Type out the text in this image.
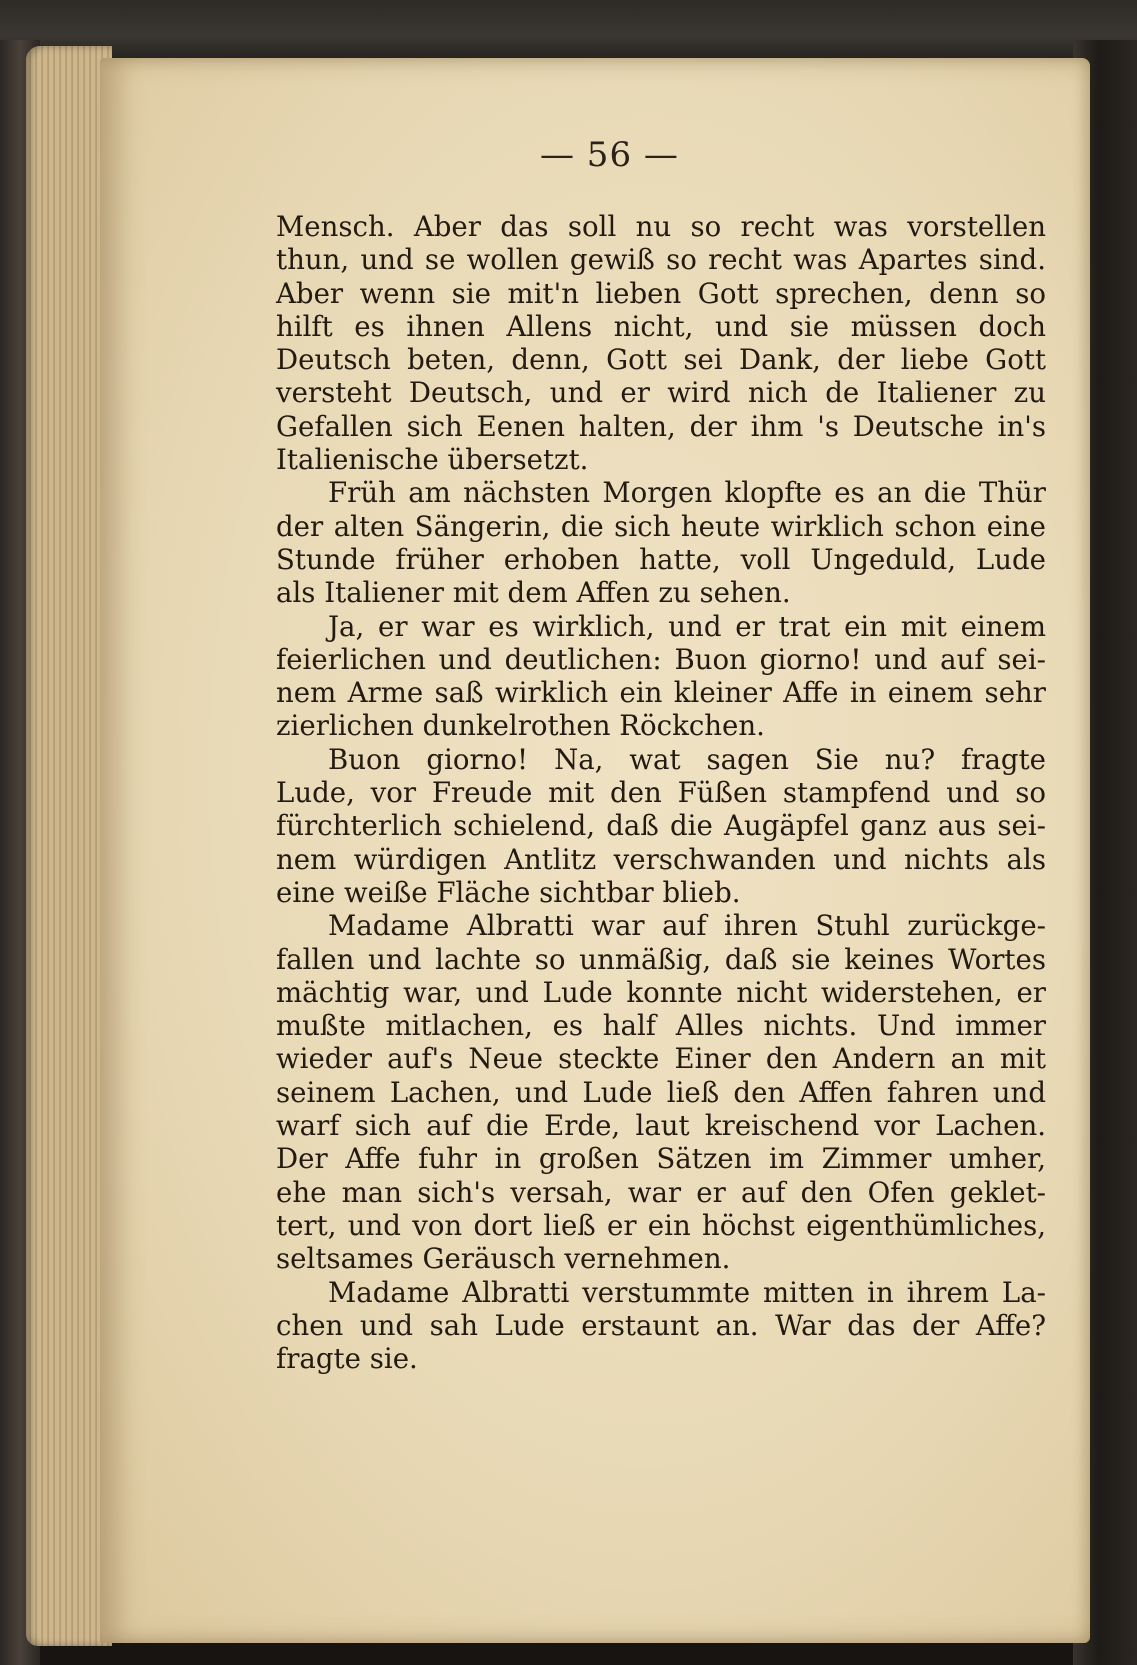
— 56 —
Mensch. Aber das soll nu so recht was vorstellen
thun, und se wollen gewiß so recht was Apartes sind.
Aber wenn sie mit'n lieben Gott sprechen, denn so
hilft es ihnen Allens nicht, und sie müssen doch
Deutsch beten, denn, Gott sei Dank, der liebe Gott
versteht Deutsch, und er wird nich de Italiener zu
Gefallen sich Eenen halten, der ihm 's Deutsche in's
Italienische übersetzt.
Früh am nächsten Morgen klopfte es an die Thür
der alten Sängerin, die sich heute wirklich schon eine
Stunde früher erhoben hatte, voll Ungeduld, Lude
als Italiener mit dem Affen zu sehen.
Ja, er war es wirklich, und er trat ein mit einem
feierlichen und deutlichen: Buon giorno! und auf sei-
nem Arme saß wirklich ein kleiner Affe in einem sehr
zierlichen dunkelrothen Röckchen.
Buon giorno! Na, wat sagen Sie nu? fragte
Lude, vor Freude mit den Füßen stampfend und so
fürchterlich schielend, daß die Augäpfel ganz aus sei-
nem würdigen Antlitz verschwanden und nichts als
eine weiße Fläche sichtbar blieb.
Madame Albratti war auf ihren Stuhl zurückge-
fallen und lachte so unmäßig, daß sie keines Wortes
mächtig war, und Lude konnte nicht widerstehen, er
mußte mitlachen, es half Alles nichts. Und immer
wieder auf's Neue steckte Einer den Andern an mit
seinem Lachen, und Lude ließ den Affen fahren und
warf sich auf die Erde, laut kreischend vor Lachen.
Der Affe fuhr in großen Sätzen im Zimmer umher,
ehe man sich's versah, war er auf den Ofen geklet-
tert, und von dort ließ er ein höchst eigenthümliches,
seltsames Geräusch vernehmen.
Madame Albratti verstummte mitten in ihrem La-
chen und sah Lude erstaunt an. War das der Affe?
fragte sie.
